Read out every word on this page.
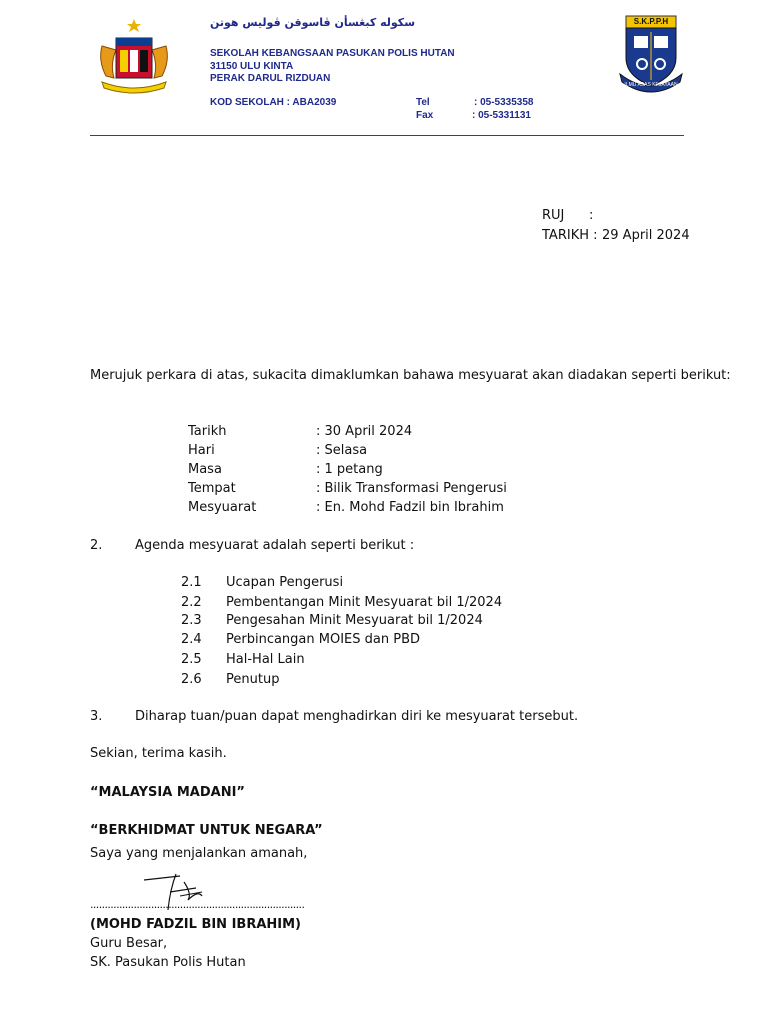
سکوله کبڠسأن ڤاسوقن ڤوليس هوتن
SEKOLAH KEBANGSAAN PASUKAN POLIS HUTAN
31150 ULU KINTA
PERAK DARUL RIZDUAN
KOD SEKOLAH : ABA2039	Tel	: 05-5335358
Fax	: 05-5331131
S.K.P.P.H
ILMU ASAS KEJAYAAN
RUJ :
TARIKH : 29 April 2024
Merujuk perkara di atas, sukacita dimaklumkan bahawa mesyuarat akan diadakan seperti berikut:
Tarikh	: 30 April 2024
Hari	: Selasa
Masa	: 1 petang
Tempat	: Bilik Transformasi Pengerusi
Mesyuarat	: En. Mohd Fadzil bin Ibrahim
2.	Agenda mesyuarat adalah seperti berikut :
2.1 Ucapan Pengerusi
2.2 Pembentangan Minit Mesyuarat bil 1/2024
2.3 Pengesahan Minit Mesyuarat bil 1/2024
2.4 Perbincangan MOIES dan PBD
2.5 Hal-Hal Lain
2.6 Penutup
3.	Diharap tuan/puan dapat menghadirkan diri ke mesyuarat tersebut.
Sekian, terima kasih.
“MALAYSIA MADANI”
“BERKHIDMAT UNTUK NEGARA”
Saya yang menjalankan amanah,
..........................................................................
(MOHD FADZIL BIN IBRAHIM)
Guru Besar,
SK. Pasukan Polis Hutan
